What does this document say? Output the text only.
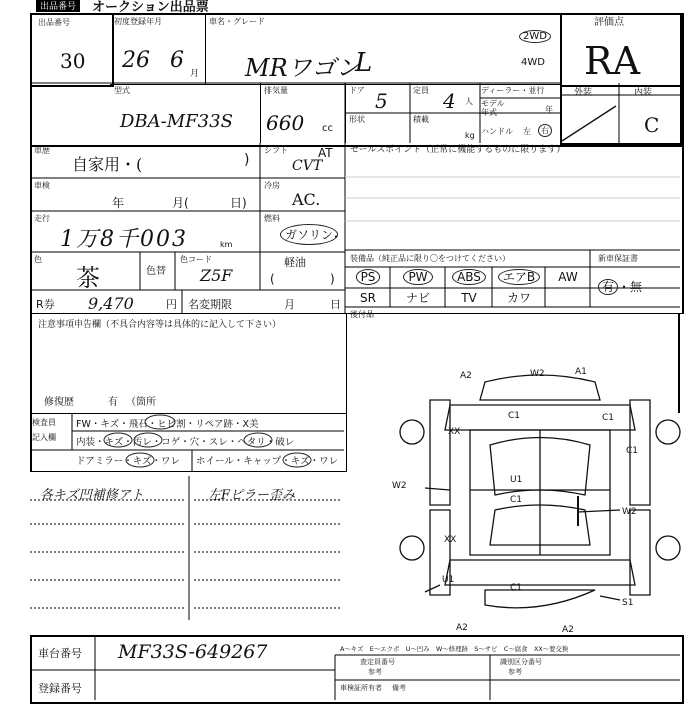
出品番号	オークション出品票
出品番号
30
初度登録年月
26 6
月
車名・グレード
MRワゴン
L
2WD
4WD
評価点
RA
型式
DBA-MF33S
排気量
660 cc
ドア 5	定員 4 人
ディーラー・並行
モデル年式	年
形状	積載
kg ハンドル 左	右
外装	内装
C
車歴
自家用・(	)
シフト	AT
CVT
セールスポイント（正常に機能するものに限ります）
車検
年	月(	日)
冷房
AC.
走行
1万8千003	km
燃料
ガソリン
・
色
茶	色替
色コード
Z5F
軽油
(	)
R券 9,470	円 名変期限	月	日
装備品（純正品に限り〇をつけてください）	新車保証書
PS	PW	ABS	エアB	AW
SR	ナビ	TV	カワ
有 ・無
後付品
注意事項申告欄（不具合内容等は具体的に記入して下さい）
修復歴	有 （箇所
検査員
記入欄
FW・キズ・飛石・ヒビ割・リペア跡・X美
内装・キズ・汚レ・コゲ・穴・スレ・ヘタリ・破レ
ドアミラー・キズ・ワレ ホイール・キャップ・キズ・ワレ
各キズ凹補修アト	左Fピラー歪み
A2	W2	A1
C1
XX
C1
C1
U1
C1
W2
XX
W2
U1
C1
S1
A2	A2
車台番号 MF33S-649267
登録番号
A～キズ　E～エクボ　U～凹み　W～修理跡　S～サビ　C～腐食　XX～要交換
査定員番号
参考
識別区分番号
参考
車検証所有者 備考
